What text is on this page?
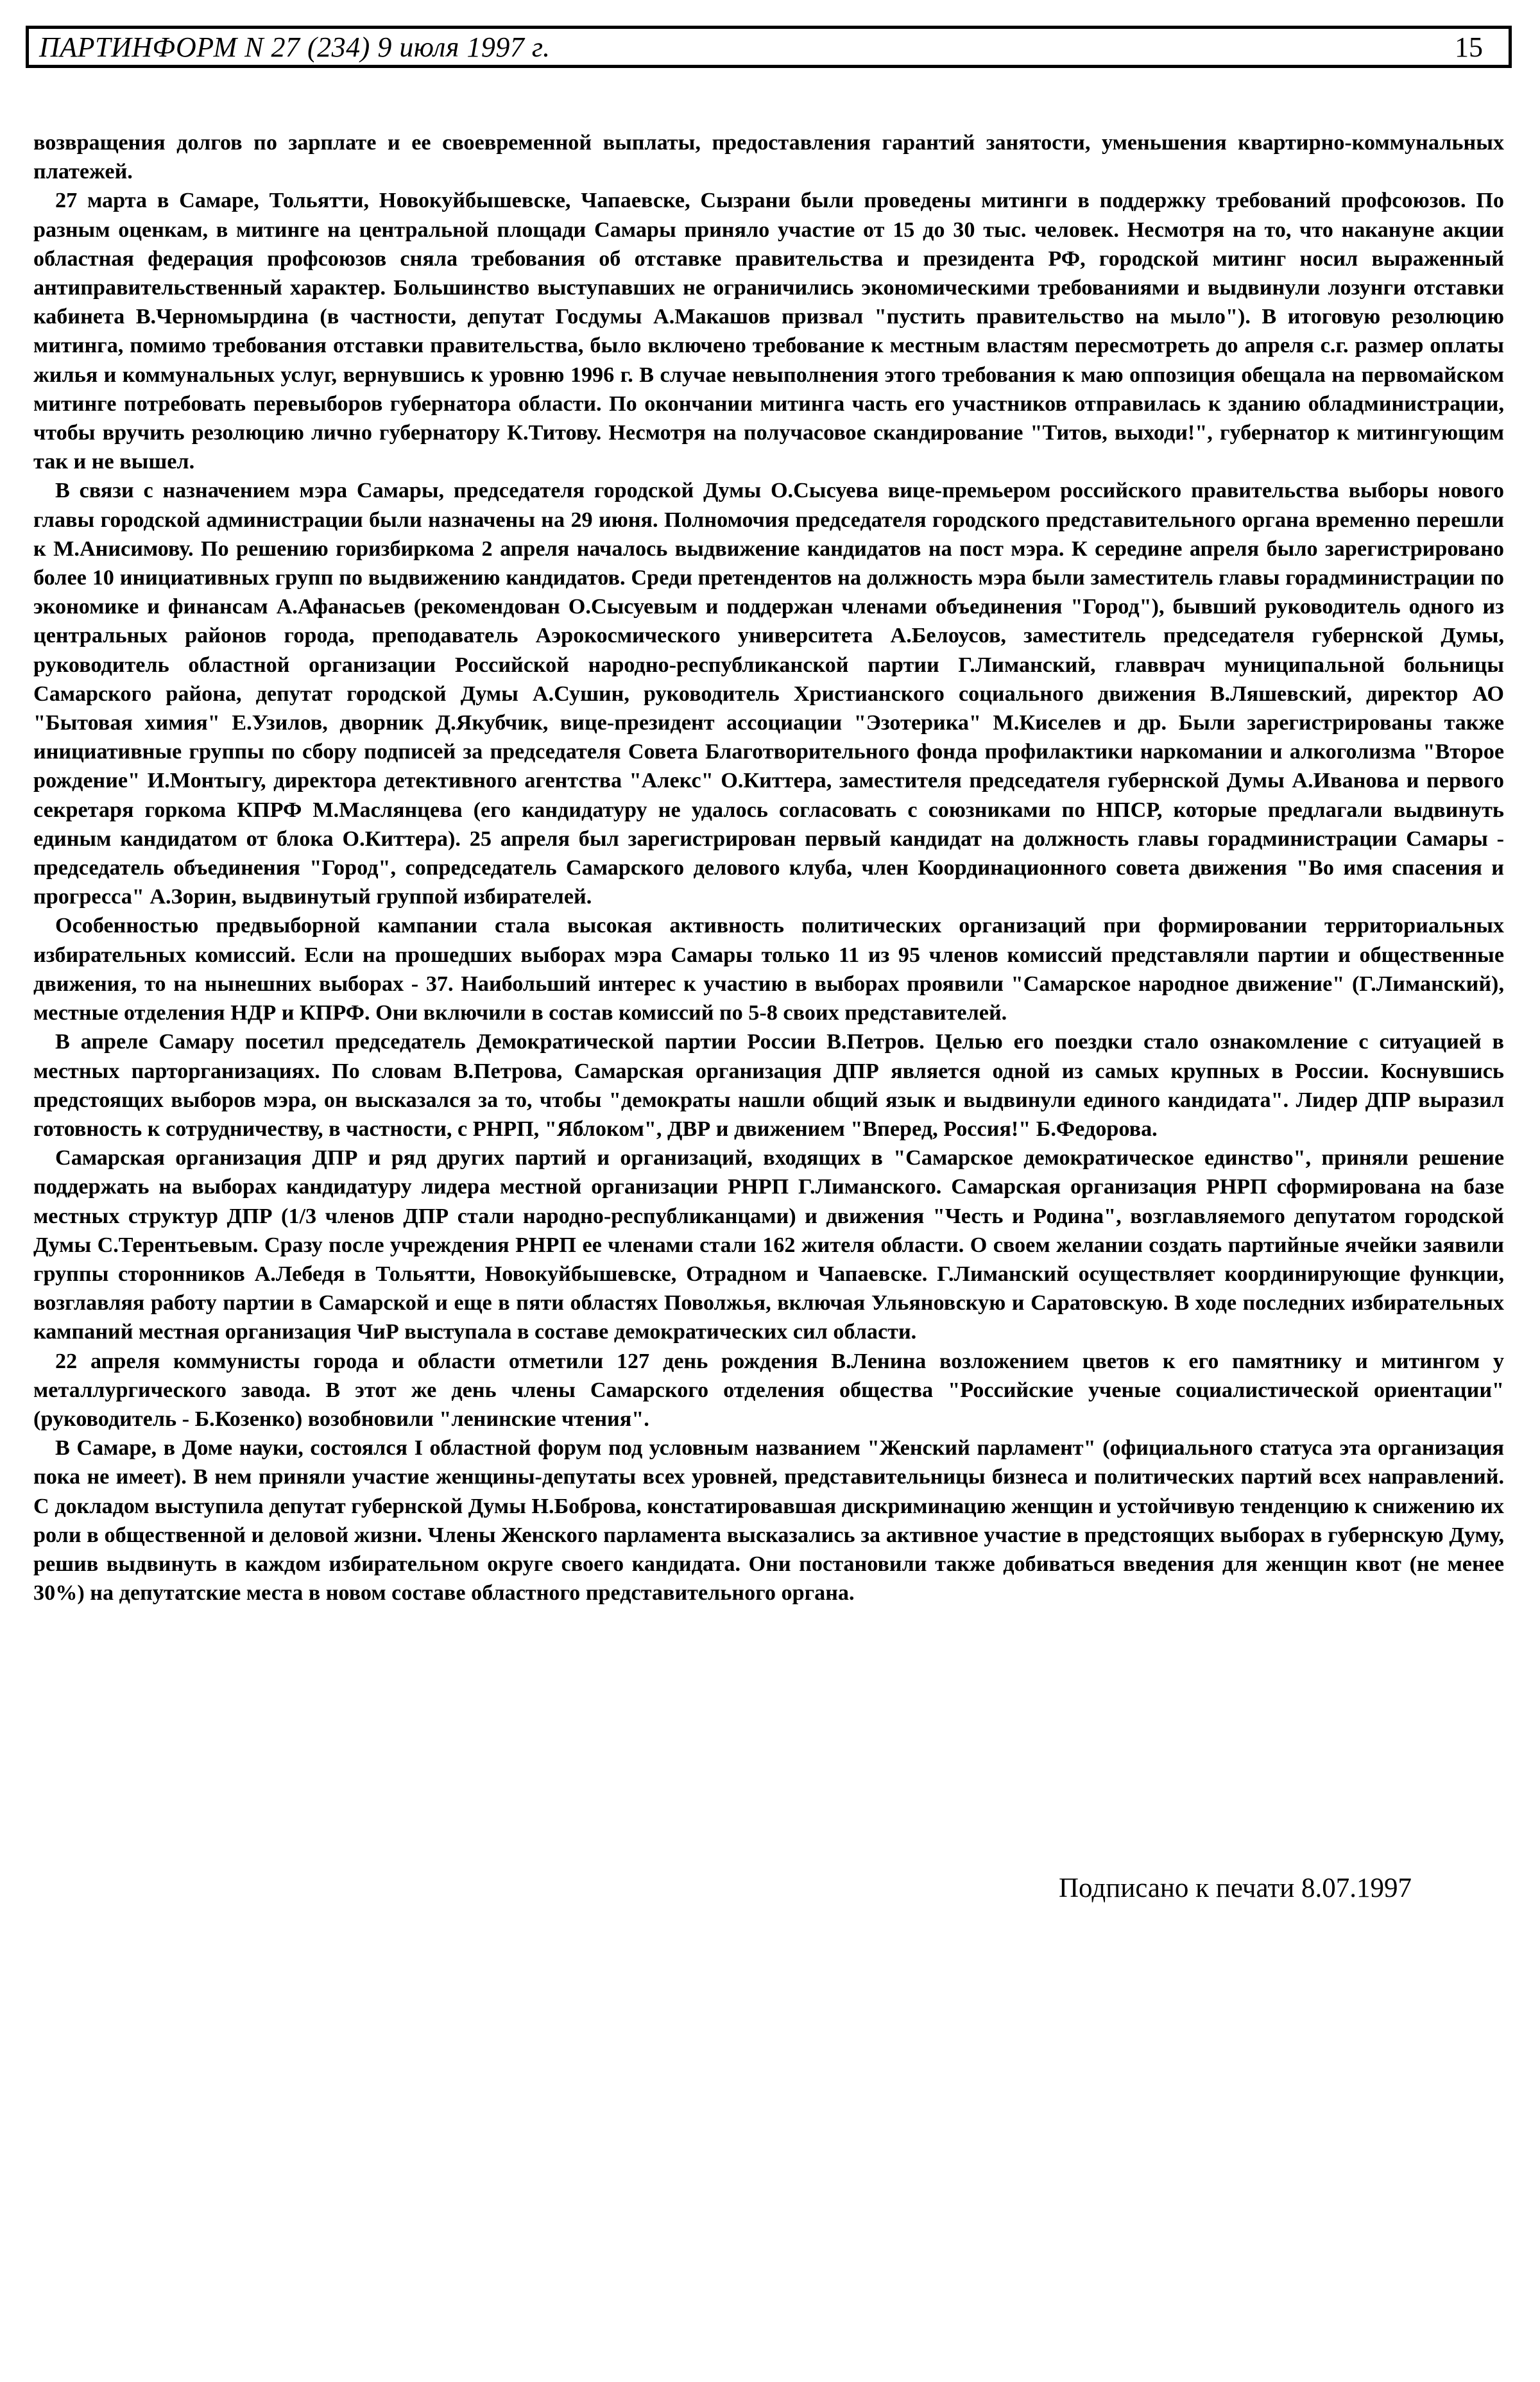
ПАРТИНФОРМ N 27 (234) 9 июля 1997 г.	15

возвращения долгов по зарплате и ее своевременной выплаты, предоставления гарантий занятости, уменьшения квартирно-коммунальных платежей.

27 марта в Самаре, Тольятти, Новокуйбышевске, Чапаевске, Сызрани были проведены митинги в поддержку требований профсоюзов. По разным оценкам, в митинге на центральной площади Самары приняло участие от 15 до 30 тыс. человек. Несмотря на то, что накануне акции областная федерация профсоюзов сняла требования об отставке правительства и президента РФ, городской митинг носил выраженный антиправительственный характер. Большинство выступавших не ограничились экономическими требованиями и выдвинули лозунги отставки кабинета В.Черномырдина (в частности, депутат Госдумы А.Макашов призвал "пустить правительство на мыло"). В итоговую резолюцию митинга, помимо требования отставки правительства, было включено требование к местным властям пересмотреть до апреля с.г. размер оплаты жилья и коммунальных услуг, вернувшись к уровню 1996 г. В случае невыполнения этого требования к маю оппозиция обещала на первомайском митинге потребовать перевыборов губернатора области. По окончании митинга часть его участников отправилась к зданию обладминистрации, чтобы вручить резолюцию лично губернатору К.Титову. Несмотря на получасовое скандирование "Титов, выходи!", губернатор к митингующим так и не вышел.

В связи с назначением мэра Самары, председателя городской Думы О.Сысуева вице-премьером российского правительства выборы нового главы городской администрации были назначены на 29 июня. Полномочия председателя городского представительного органа временно перешли к М.Анисимову. По решению горизбиркома 2 апреля началось выдвижение кандидатов на пост мэра. К середине апреля было зарегистрировано более 10 инициативных групп по выдвижению кандидатов. Среди претендентов на должность мэра были заместитель главы горадминистрации по экономике и финансам А.Афанасьев (рекомендован О.Сысуевым и поддержан членами объединения "Город"), бывший руководитель одного из центральных районов города, преподаватель Аэрокосмического университета А.Белоусов, заместитель председателя губернской Думы, руководитель областной организации Российской народно-республиканской партии Г.Лиманский, главврач муниципальной больницы Самарского района, депутат городской Думы А.Сушин, руководитель Христианского социального движения В.Ляшевский, директор АО "Бытовая химия" Е.Узилов, дворник Д.Якубчик, вице-президент ассоциации "Эзотерика" М.Киселев и др. Были зарегистрированы также инициативные группы по сбору подписей за председателя Совета Благотворительного фонда профилактики наркомании и алкоголизма "Второе рождение" И.Монтыгу, директора детективного агентства "Алекс" О.Киттера, заместителя председателя губернской Думы А.Иванова и первого секретаря горкома КПРФ М.Маслянцева (его кандидатуру не удалось согласовать с союзниками по НПСР, которые предлагали выдвинуть единым кандидатом от блока О.Киттера). 25 апреля был зарегистрирован первый кандидат на должность главы горадминистрации Самары - председатель объединения "Город", сопредседатель Самарского делового клуба, член Координационного совета движения "Во имя спасения и прогресса" А.Зорин, выдвинутый группой избирателей.

Особенностью предвыборной кампании стала высокая активность политических организаций при формировании территориальных избирательных комиссий. Если на прошедших выборах мэра Самары только 11 из 95 членов комиссий представляли партии и общественные движения, то на нынешних выборах - 37. Наибольший интерес к участию в выборах проявили "Самарское народное движение" (Г.Лиманский), местные отделения НДР и КПРФ. Они включили в состав комиссий по 5-8 своих представителей.

В апреле Самару посетил председатель Демократической партии России В.Петров. Целью его поездки стало ознакомление с ситуацией в местных парторганизациях. По словам В.Петрова, Самарская организация ДПР является одной из самых крупных в России. Коснувшись предстоящих выборов мэра, он высказался за то, чтобы "демократы нашли общий язык и выдвинули единого кандидата". Лидер ДПР выразил готовность к сотрудничеству, в частности, с РНРП, "Яблоком", ДВР и движением "Вперед, Россия!" Б.Федорова.

Самарская организация ДПР и ряд других партий и организаций, входящих в "Самарское демократическое единство", приняли решение поддержать на выборах кандидатуру лидера местной организации РНРП Г.Лиманского. Самарская организация РНРП сформирована на базе местных структур ДПР (1/3 членов ДПР стали народно-республиканцами) и движения "Честь и Родина", возглавляемого депутатом городской Думы С.Терентьевым. Сразу после учреждения РНРП ее членами стали 162 жителя области. О своем желании создать партийные ячейки заявили группы сторонников А.Лебедя в Тольятти, Новокуйбышевске, Отрадном и Чапаевске. Г.Лиманский осуществляет координирующие функции, возглавляя работу партии в Самарской и еще в пяти областях Поволжья, включая Ульяновскую и Саратовскую. В ходе последних избирательных кампаний местная организация ЧиР выступала в составе демократических сил области.

22 апреля коммунисты города и области отметили 127 день рождения В.Ленина возложением цветов к его памятнику и митингом у металлургического завода. В этот же день члены Самарского отделения общества "Российские ученые социалистической ориентации" (руководитель - Б.Козенко) возобновили "ленинские чтения".

В Самаре, в Доме науки, состоялся I областной форум под условным названием "Женский парламент" (официального статуса эта организация пока не имеет). В нем приняли участие женщины-депутаты всех уровней, представительницы бизнеса и политических партий всех направлений. С докладом выступила депутат губернской Думы Н.Боброва, констатировавшая дискриминацию женщин и устойчивую тенденцию к снижению их роли в общественной и деловой жизни. Члены Женского парламента высказались за активное участие в предстоящих выборах в губернскую Думу, решив выдвинуть в каждом избирательном округе своего кандидата. Они постановили также добиваться введения для женщин квот (не менее 30%) на депутатские места в новом составе областного представительного органа.

Подписано к печати 8.07.1997
